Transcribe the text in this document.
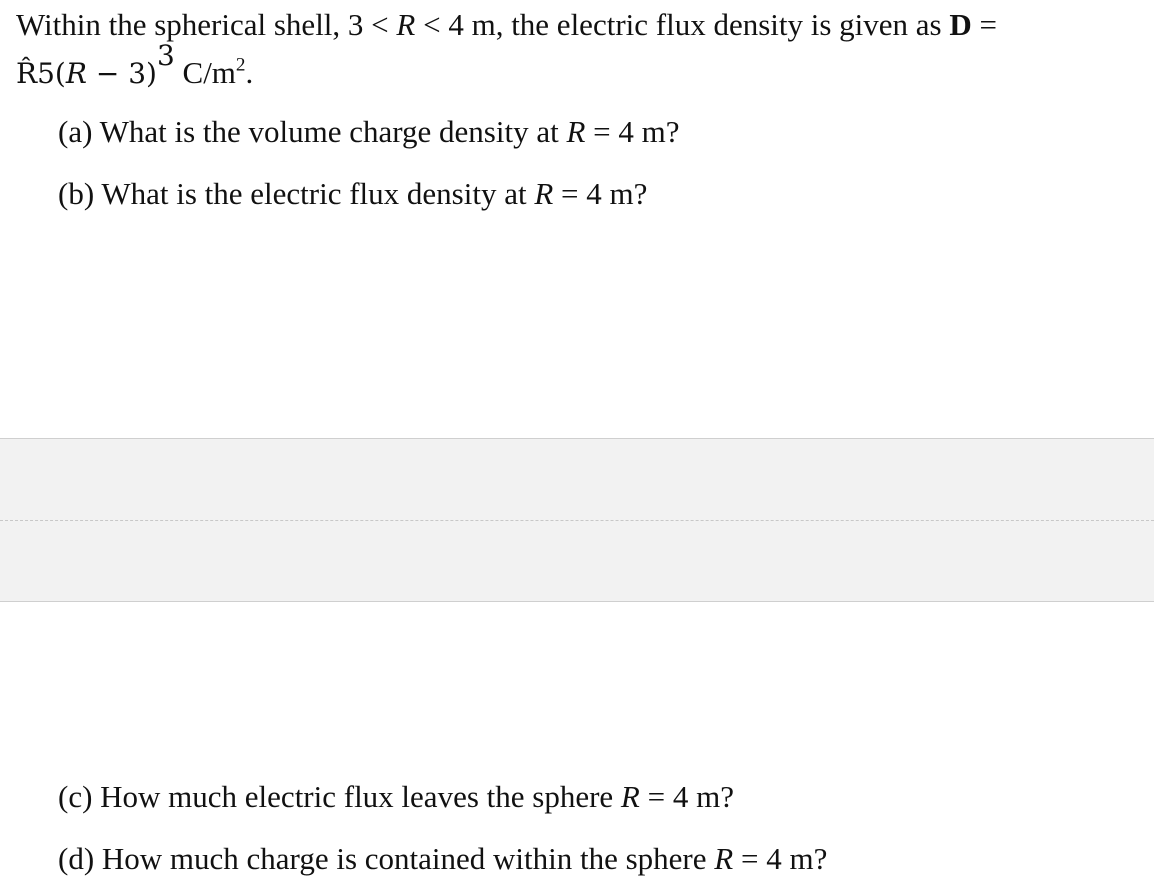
Within the spherical shell, 3 < R < 4 m, the electric flux density is given as D =
R̂5(R − 3)$^3$ $C/m^2$.
(a) What is the volume charge density at R = 4 m?
(b) What is the electric flux density at R = 4 m?
(c) How much electric flux leaves the sphere R = 4 m?
(d) How much charge is contained within the sphere R = 4 m?
